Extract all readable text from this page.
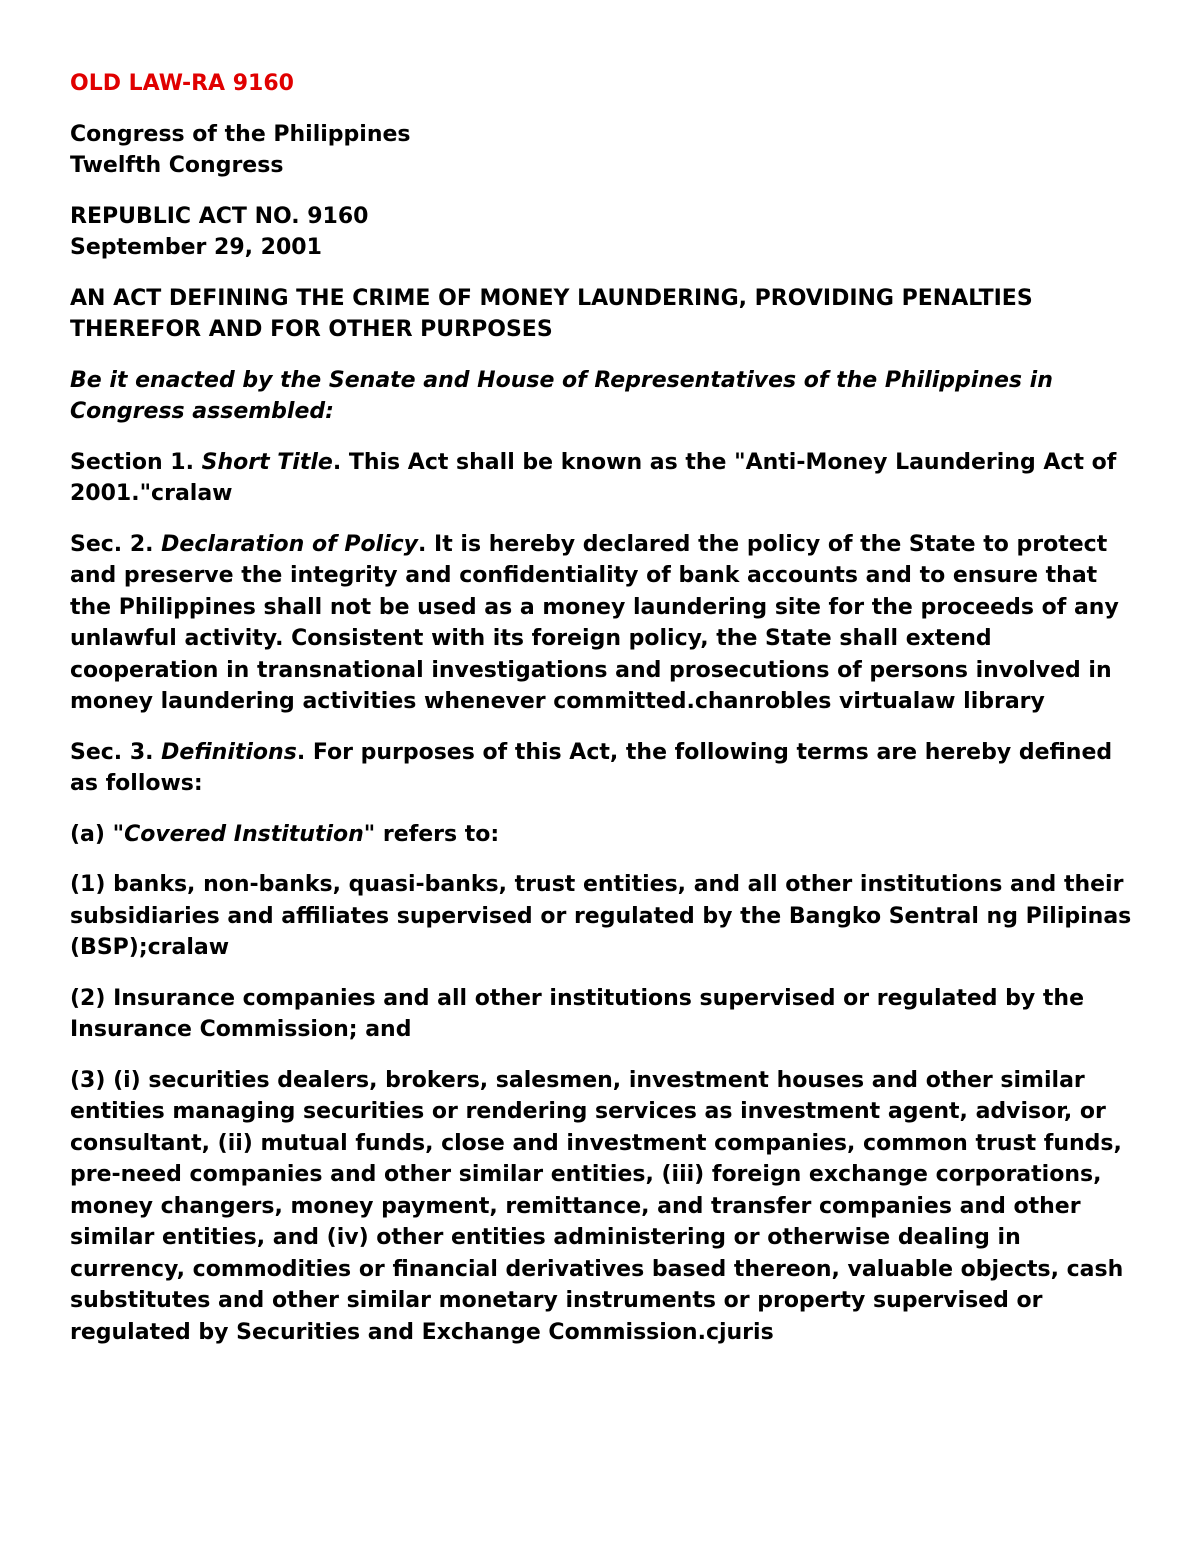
OLD LAW-RA 9160
Congress of the Philippines
Twelfth Congress
REPUBLIC ACT NO. 9160
September 29, 2001

AN ACT DEFINING THE CRIME OF MONEY LAUNDERING, PROVIDING PENALTIES THEREFOR AND FOR OTHER PURPOSES

Be it enacted by the Senate and House of Representatives of the Philippines in Congress assembled:

Section 1. Short Title. This Act shall be known as the "Anti-Money Laundering Act of 2001."cralaw

Sec. 2. Declaration of Policy. It is hereby declared the policy of the State to protect and preserve the integrity and confidentiality of bank accounts and to ensure that the Philippines shall not be used as a money laundering site for the proceeds of any unlawful activity. Consistent with its foreign policy, the State shall extend cooperation in transnational investigations and prosecutions of persons involved in money laundering activities whenever committed.chanrobles virtualaw library

Sec. 3. Definitions. For purposes of this Act, the following terms are hereby defined as follows:

(a) "Covered Institution" refers to:

(1) banks, non-banks, quasi-banks, trust entities, and all other institutions and their subsidiaries and affiliates supervised or regulated by the Bangko Sentral ng Pilipinas (BSP);cralaw

(2) Insurance companies and all other institutions supervised or regulated by the Insurance Commission; and

(3) (i) securities dealers, brokers, salesmen, investment houses and other similar entities managing securities or rendering services as investment agent, advisor, or consultant, (ii) mutual funds, close and investment companies, common trust funds, pre-need companies and other similar entities, (iii) foreign exchange corporations, money changers, money payment, remittance, and transfer companies and other similar entities, and (iv) other entities administering or otherwise dealing in currency, commodities or financial derivatives based thereon, valuable objects, cash substitutes and other similar monetary instruments or property supervised or regulated by Securities and Exchange Commission.cjuris
